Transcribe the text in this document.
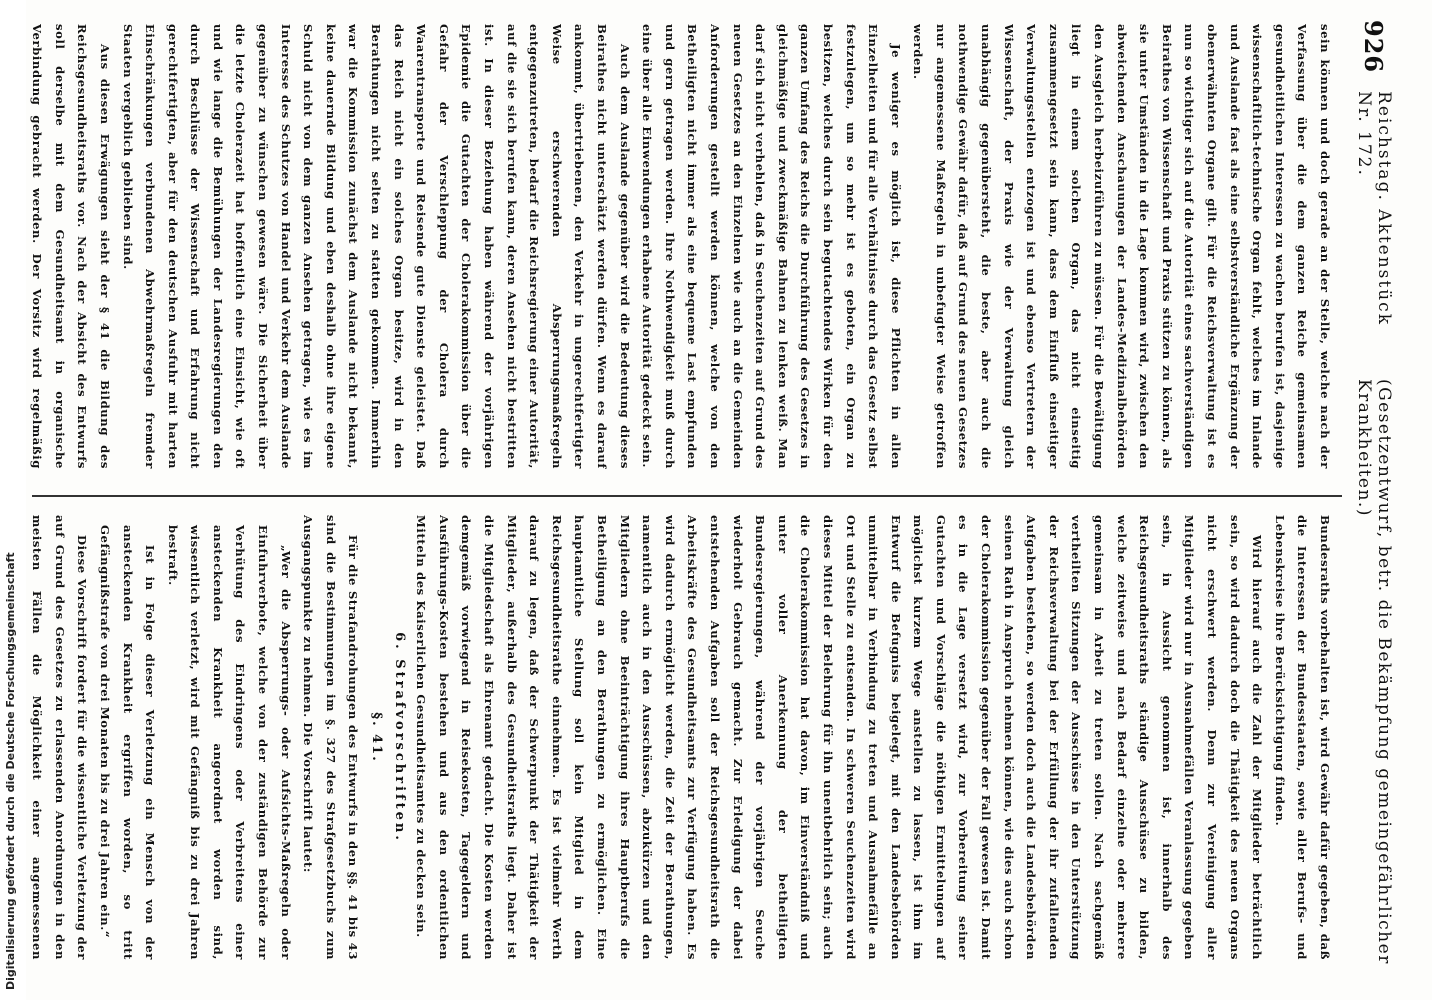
926
Reichstag. Aktenstück Nr. 172.
(Gesetzentwurf, betr. die Bekämpfung gemeingefährlicher Krankheiten.)

sein können und doch gerade an der Stelle, welche nach der Verfassung über die dem ganzen Reiche gemeinsamen gesundheitlichen Interessen zu wachen berufen ist, dasjenige wissenschaftlich-technische Organ fehlt, welches im Inlande und Auslande fast als eine selbstverständliche Ergänzung der obenerwähnten Organe gilt. Für die Reichsverwaltung ist es nun so wichtiger sich auf die Autorität eines sachverständigen Beirathes von Wissenschaft und Praxis stützen zu können, als sie unter Umständen in die Lage kommen wird, zwischen den abweichenden Anschauungen der Landes-Medizinalbehörden den Ausgleich herbeizuführen zu müssen. Für die Bewältigung liegt in einem solchen Organ, das nicht einseitig zusammengesetzt sein kann, dass dem Einfluß einseitiger Verwaltungsstellen entzogen ist und ebenso Vertretern der Wissenschaft, der Praxis wie der Verwaltung gleich unabhängig gegenübersteht, die beste, aber auch die nothwendige Gewähr dafür, daß auf Grund des neuen Gesetzes nur angemessene Maßregeln in unbefugter Weise getroffen werden.

Je weniger es möglich ist, diese Pflichten in allen Einzelheiten und für alle Verhältnisse durch das Gesetz selbst festzulegen, um so mehr ist es geboten, ein Organ zu besitzen, welches durch sein begutachtendes Wirken für den ganzen Umfang des Reichs die Durchführung des Gesetzes in gleichmäßige und zweckmäßige Bahnen zu lenken weiß. Man darf sich nicht verhehlen, daß in Seuchenzeiten auf Grund des neuen Gesetzes an den Einzelnen wie auch an die Gemeinden Anforderungen gestellt werden können, welche von den Betheiligten nicht immer als eine bequeme Last empfunden und gern getragen werden. Ihre Nothwendigkeit muß durch eine über alle Einwendungen erhabene Autorität gedeckt sein.

Auch dem Auslande gegenüber wird die Bedeutung dieses Beirathes nicht unterschätzt werden dürfen. Wenn es darauf ankommt, übertriebenen, den Verkehr in ungerechtfertigter Weise erschwerenden Absperrungsmaßregeln entgegenzutreten, bedarf die Reichsregierung einer Autorität, auf die sie sich berufen kann, deren Ansehen nicht bestritten ist. In dieser Beziehung haben während der vorjährigen Epidemie die Gutachten der Cholerakommission über die Gefahr der Verschleppung der Cholera durch Waarentransporte und Reisende gute Dienste geleistet. Daß das Reich nicht ein solches Organ besitze, wird in den Berathungen nicht selten zu statten gekommen. Immerhin war die Kommission zunächst dem Auslande nicht bekannt, keine dauernde Bildung und eben deshalb ohne ihre eigene Schuld nicht von dem ganzen Ansehen getragen, wie es im Interesse des Schutzes von Handel und Verkehr dem Auslande gegenüber zu wünschen gewesen wäre. Die Sicherheit über die letzte Cholerazeit hat hoffentlich eine Einsicht, wie oft und wie lange die Bemühungen der Landesregierungen den durch Beschlüsse der Wissenschaft und Erfahrung nicht gerechtfertigten, aber für den deutschen Ausfuhr mit harten Einschränkungen verbundenen Abwehrmaßregeln fremder Staaten vergeblich geblieben sind.

Aus diesen Erwägungen sieht der § 41 die Bildung des Reichsgesundheitsraths vor. Nach der Absicht des Entwurfs soll derselbe mit dem Gesundheitsamt in organische Verbindung gebracht werden. Der Vorsitz wird regelmäßig

Bundesraths vorbehalten ist, wird Gewähr dafür gegeben, daß die Interessen der Bundesstaaten, sowie aller Berufs- und Lebenskreise ihre Berücksichtigung finden.

Wird hierauf auch die Zahl der Mitglieder beträchtlich sein, so wird dadurch doch die Thätigkeit des neuen Organs nicht erschwert werden. Denn zur Vereinigung aller Mitglieder wird nur in Ausnahmefällen Veranlassung gegeben sein, in Aussicht genommen ist, innerhalb des Reichsgesundheitsraths ständige Ausschüsse zu bilden, welche zeitweise und nach Bedarf einzelne oder mehrere gemeinsam in Arbeit zu treten sollen. Nach sachgemäß vertheilten Sitzungen der Ausschüsse in den Unterstützung der Reichsverwaltung bei der Erfüllung der ihr zufallenden Aufgaben bestehen, so werden doch auch die Landesbehörden seinen Rath in Anspruch nehmen können, wie dies auch schon der Cholerakommission gegenüber der Fall gewesen ist. Damit es in die Lage versetzt wird, zur Vorbereitung seiner Gutachten und Vorschläge die nöthigen Ermittelungen auf möglichst kurzem Wege anstellen zu lassen, ist ihm im Entwurf die Befugniss beigelegt, mit den Landesbehörden unmittelbar in Verbindung zu treten und Ausnahmefälle an Ort und Stelle zu entsenden. In schweren Seuchenzeiten wird dieses Mittel der Belehrung für ihn unentbehrlich sein; auch die Cholerakommission hat davon, im Einverständniß und unter voller Anerkennung der betheiligten Bundesregierungen, während der vorjährigen Seuche wiederholt Gebrauch gemacht. Zur Erledigung der dabei entstehenden Aufgaben soll der Reichsgesundheitsrath die Arbeitskräfte des Gesundheitsamts zur Verfügung haben. Es wird dadurch ermöglicht werden, die Zeit der Berathungen, namentlich auch in den Ausschüssen, abzukürzen und den Mitgliedern ohne Beeinträchtigung ihres Hauptberufs die Betheiligung an den Berathungen zu ermöglichen. Eine hauptamtliche Stellung soll kein Mitglied in dem Reichsgesundheitsrathe einnehmen. Es ist vielmehr Werth darauf zu legen, daß der Schwerpunkt der Thätigkeit der Mitglieder, außerhalb des Gesundheitsraths liegt. Daher ist die Mitgliedschaft als Ehrenamt gedacht. Die Kosten werden demgemäß vorwiegend in Reisekosten, Tagegeldern und Ausführungs-Kosten bestehen und aus den ordentlichen Mitteln des Kaiserlichen Gesundheitsamtes zu decken sein.

6. Strafvorschriften.

§. 41.

Für die Strafandrohungen des Entwurfs in den §§. 41 bis 43 sind die Bestimmungen im §. 327 des Strafgesetzbuchs zum Ausgangspunkte zu nehmen. Die Vorschrift lautet:

„Wer die Absperrungs- oder Aufsichts-Maßregeln oder Einfuhrverbote, welche von der zuständigen Behörde zur Verhütung des Eindringens oder Verbreitens einer ansteckenden Krankheit angeordnet worden sind, wissentlich verletzt, wird mit Gefängniß bis zu drei Jahren bestraft.

Ist in Folge dieser Verletzung ein Mensch von der ansteckenden Krankheit ergriffen worden, so tritt Gefängnißstrafe von drei Monaten bis zu drei Jahren ein.“

Diese Vorschrift fordert für die wissentliche Verletzung der auf Grund des Gesetzes zu erlassenden Anordnungen in den meisten Fällen die Möglichkeit einer angemessenen

Digitalisierung gefördert durch die Deutsche Forschungsgemeinschaft
